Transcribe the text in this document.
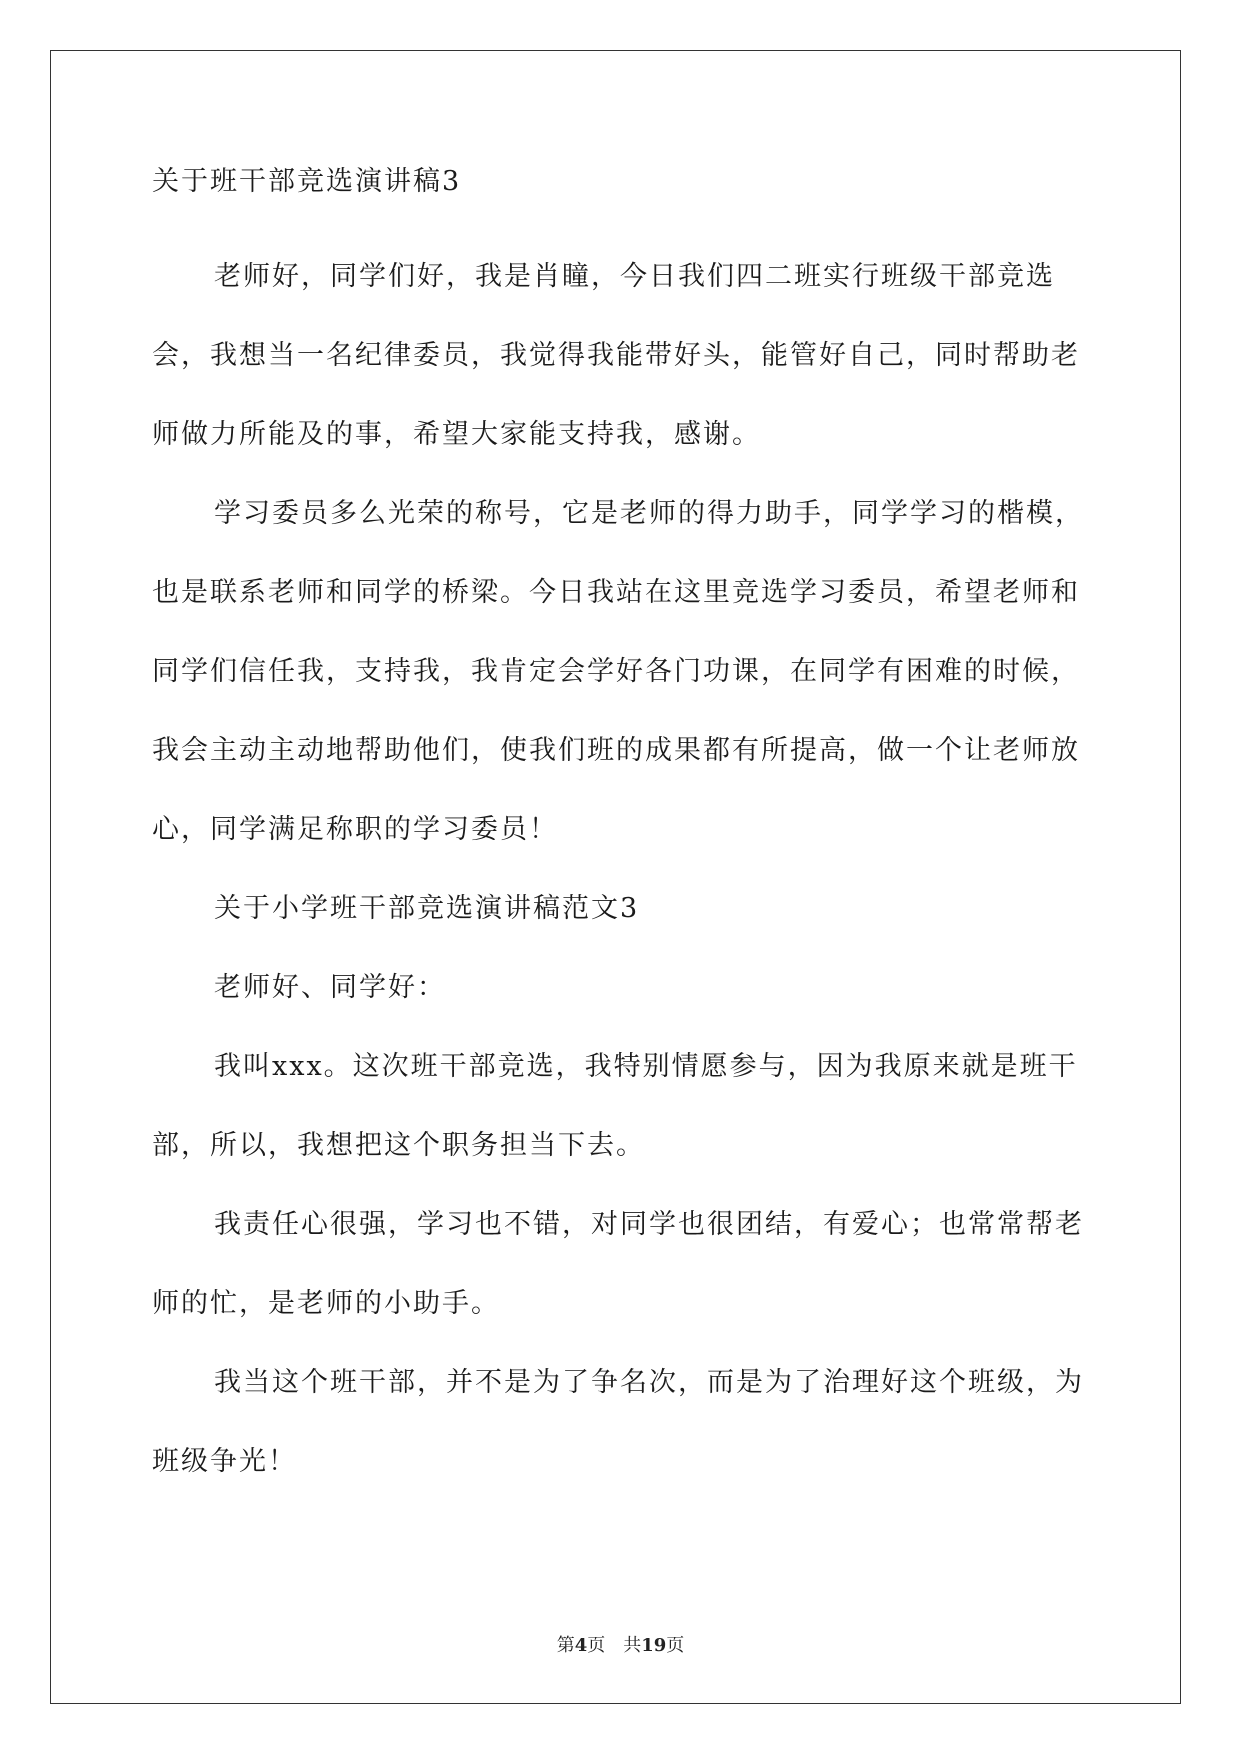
关于班干部竞选演讲稿3

老师好，同学们好，我是肖瞳，今日我们四二班实行班级干部竞选会，我想当一名纪律委员，我觉得我能带好头，能管好自己，同时帮助老师做力所能及的事，希望大家能支持我，感谢。

学习委员多么光荣的称号，它是老师的得力助手，同学学习的楷模，也是联系老师和同学的桥梁。今日我站在这里竞选学习委员，希望老师和同学们信任我，支持我，我肯定会学好各门功课，在同学有困难的时候，我会主动主动地帮助他们，使我们班的成果都有所提高，做一个让老师放心，同学满足称职的学习委员！

关于小学班干部竞选演讲稿范文3

老师好、同学好：

我叫xxx。这次班干部竞选，我特别情愿参与，因为我原来就是班干部，所以，我想把这个职务担当下去。

我责任心很强，学习也不错，对同学也很团结，有爱心；也常常帮老师的忙，是老师的小助手。

我当这个班干部，并不是为了争名次，而是为了治理好这个班级，为班级争光！

第4页　共19页
